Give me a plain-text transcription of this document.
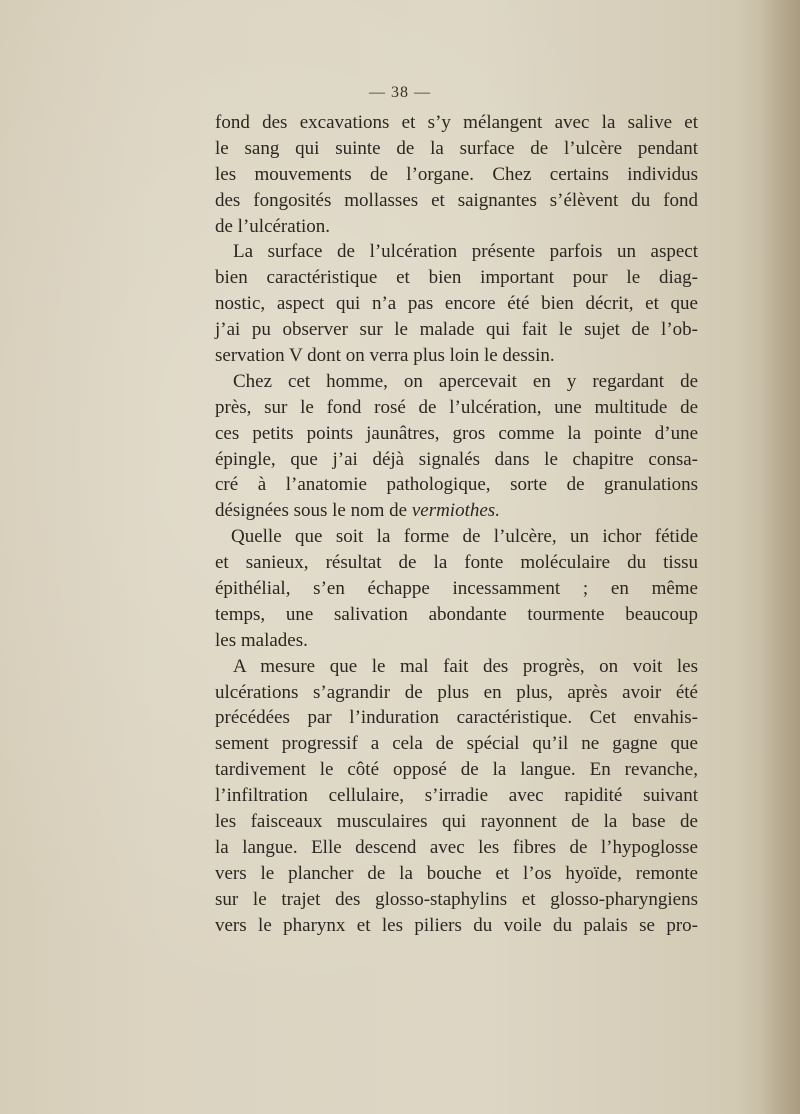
— 38 —
fond des excavations et s’y mélangent avec la salive et
le sang qui suinte de la surface de l’ulcère pendant
les mouvements de l’organe. Chez certains individus
des fongosités mollasses et saignantes s’élèvent du fond
de l’ulcération.
La surface de l’ulcération présente parfois un aspect
bien caractéristique et bien important pour le diag-
nostic, aspect qui n’a pas encore été bien décrit, et que
j’ai pu observer sur le malade qui fait le sujet de l’ob-
servation V dont on verra plus loin le dessin.
Chez cet homme, on apercevait en y regardant de
près, sur le fond rosé de l’ulcération, une multitude de
ces petits points jaunâtres, gros comme la pointe d’une
épingle, que j’ai déjà signalés dans le chapitre consa-
cré à l’anatomie pathologique, sorte de granulations
désignées sous le nom de vermiothes.
Quelle que soit la forme de l’ulcère, un ichor fétide
et sanieux, résultat de la fonte moléculaire du tissu
épithélial, s’en échappe incessamment ; en même
temps, une salivation abondante tourmente beaucoup
les malades.
A mesure que le mal fait des progrès, on voit les
ulcérations s’agrandir de plus en plus, après avoir été
précédées par l’induration caractéristique. Cet envahis-
sement progressif a cela de spécial qu’il ne gagne que
tardivement le côté opposé de la langue. En revanche,
l’infiltration cellulaire, s’irradie avec rapidité suivant
les faisceaux musculaires qui rayonnent de la base de
la langue. Elle descend avec les fibres de l’hypoglosse
vers le plancher de la bouche et l’os hyoïde, remonte
sur le trajet des glosso-staphylins et glosso-pharyngiens
vers le pharynx et les piliers du voile du palais se pro-
